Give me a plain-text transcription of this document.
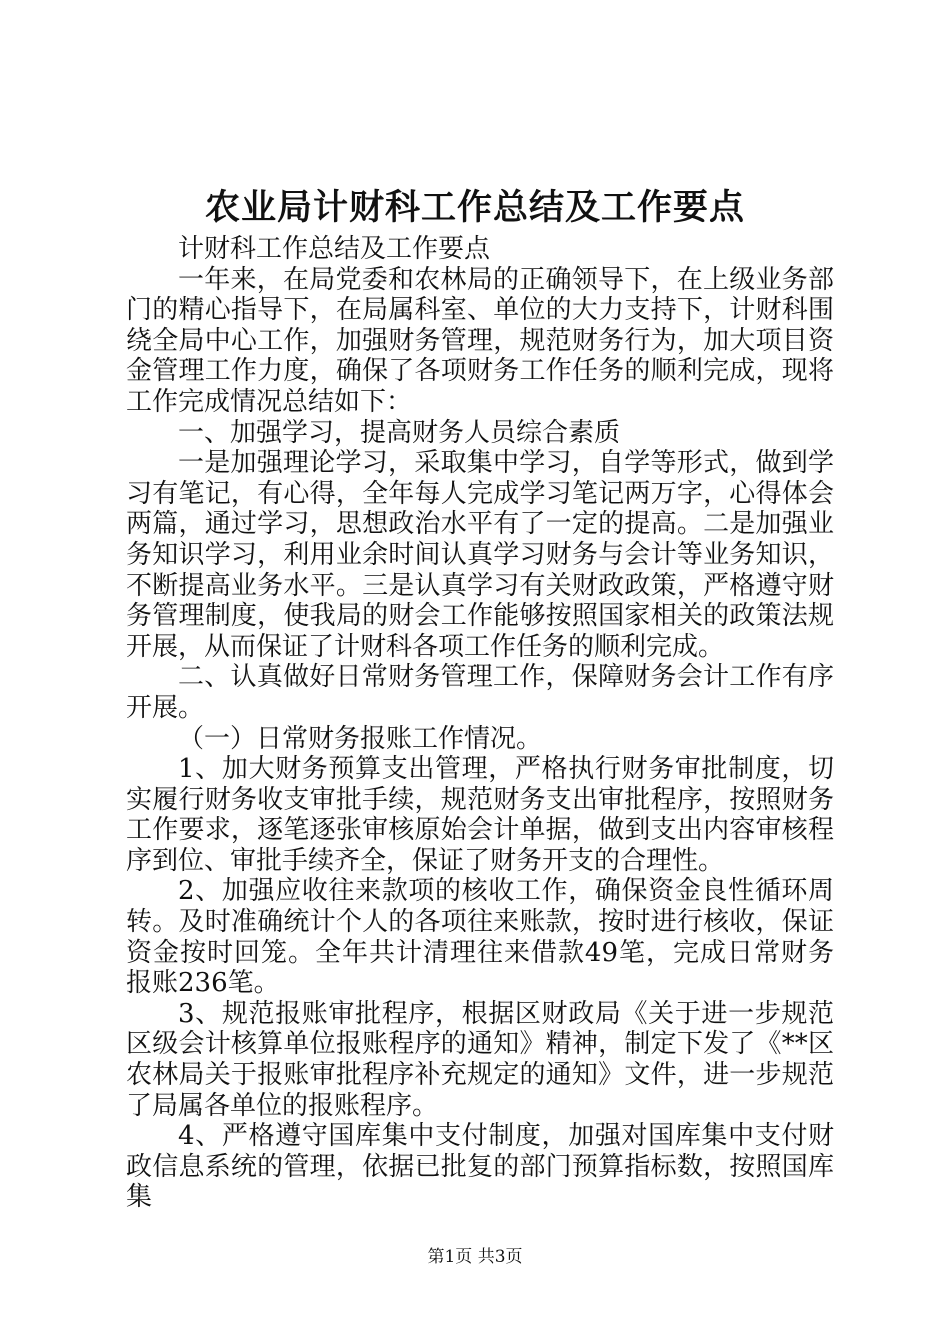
农业局计财科工作总结及工作要点

计财科工作总结及工作要点

一年来，在局党委和农林局的正确领导下，在上级业务部门的精心指导下，在局属科室、单位的大力支持下，计财科围绕全局中心工作，加强财务管理，规范财务行为，加大项目资金管理工作力度，确保了各项财务工作任务的顺利完成，现将工作完成情况总结如下：

一、加强学习，提高财务人员综合素质

一是加强理论学习，采取集中学习，自学等形式，做到学习有笔记，有心得，全年每人完成学习笔记两万字，心得体会两篇，通过学习，思想政治水平有了一定的提高。二是加强业务知识学习，利用业余时间认真学习财务与会计等业务知识，不断提高业务水平。三是认真学习有关财政政策，严格遵守财务管理制度，使我局的财会工作能够按照国家相关的政策法规开展，从而保证了计财科各项工作任务的顺利完成。

二、认真做好日常财务管理工作，保障财务会计工作有序开展。

（一）日常财务报账工作情况。

1、加大财务预算支出管理，严格执行财务审批制度，切实履行财务收支审批手续，规范财务支出审批程序，按照财务工作要求，逐笔逐张审核原始会计单据，做到支出内容审核程序到位、审批手续齐全，保证了财务开支的合理性。

2、加强应收往来款项的核收工作，确保资金良性循环周转。及时准确统计个人的各项往来账款，按时进行核收，保证资金按时回笼。全年共计清理往来借款49笔，完成日常财务报账236笔。

3、规范报账审批程序，根据区财政局《关于进一步规范区级会计核算单位报账程序的通知》精神，制定下发了《**区农林局关于报账审批程序补充规定的通知》文件，进一步规范了局属各单位的报账程序。

4、严格遵守国库集中支付制度，加强对国库集中支付财政信息系统的管理，依据已批复的部门预算指标数，按照国库集

第1页 共3页
